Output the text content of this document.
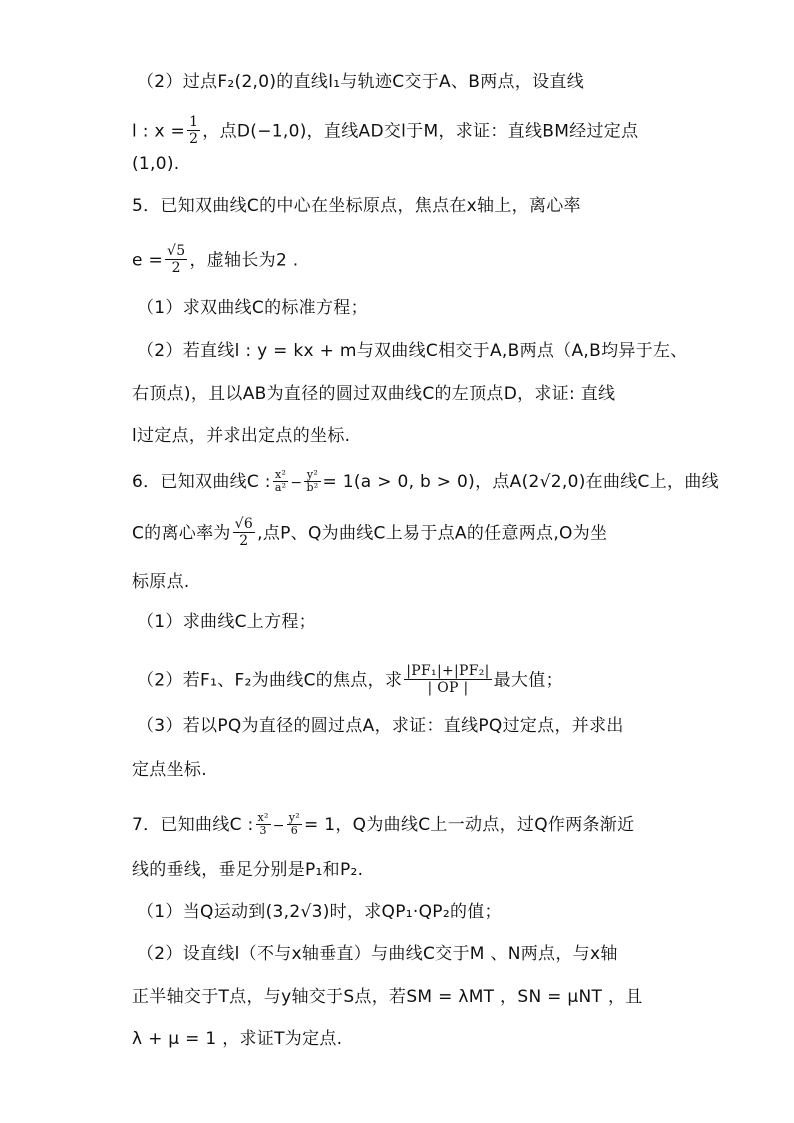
（2）过点F₂(2,0)的直线l₁与轨迹C交于A、B两点，设直线
l : $x = \frac{1}{2}$ ，点D(−1,0)，直线AD交l于M，求证：直线BM经过定点
(1,0).
5．已知双曲线C的中心在坐标原点，焦点在x轴上，离心率
$e = \frac{√5}{2}$ ，虚轴长为2 .
（1）求双曲线C的标准方程；
（2）若直线l : y = kx + m与双曲线C相交于A,B两点（A,B均异于左、
右顶点)，且以AB为直径的圆过双曲线C的左顶点D，求证: 直线
l过定点，并求出定点的坐标.
6．已知双曲线C : $\frac{\text{x²}}{\text{a²}} - \frac{\text{y²}}{\text{b²}} = 1(a > 0$, b > 0)，点A(2√2,0)在曲线C上，曲线
C的离心率为 $\frac{√6}{2}$ ,点P、Q为曲线C上易于点A的任意两点,O为坐
标原点.
（1）求曲线C上方程；
（2）若F₁、F₂为曲线C的焦点，求 $\frac{\text{|PF₁|+|PF₂|}}{| OP |}$ 最大值；
（3）若以PQ为直径的圆过点A，求证：直线PQ过定点，并求出
定点坐标.
7．已知曲线C : $\frac{\text{x²}}{3} - \frac{\text{y²}}{6} = 1$，Q为曲线C上一动点，过Q作两条渐近
线的垂线，垂足分别是P₁和P₂.
（1）当Q运动到(3,2√3)时，求QP₁·QP₂的值；
（2）设直线l（不与x轴垂直）与曲线C交于M 、N两点，与x轴
正半轴交于T点，与y轴交于S点，若SM = λMT ，SN = μNT ，且
λ + μ = 1 ，求证T为定点.
